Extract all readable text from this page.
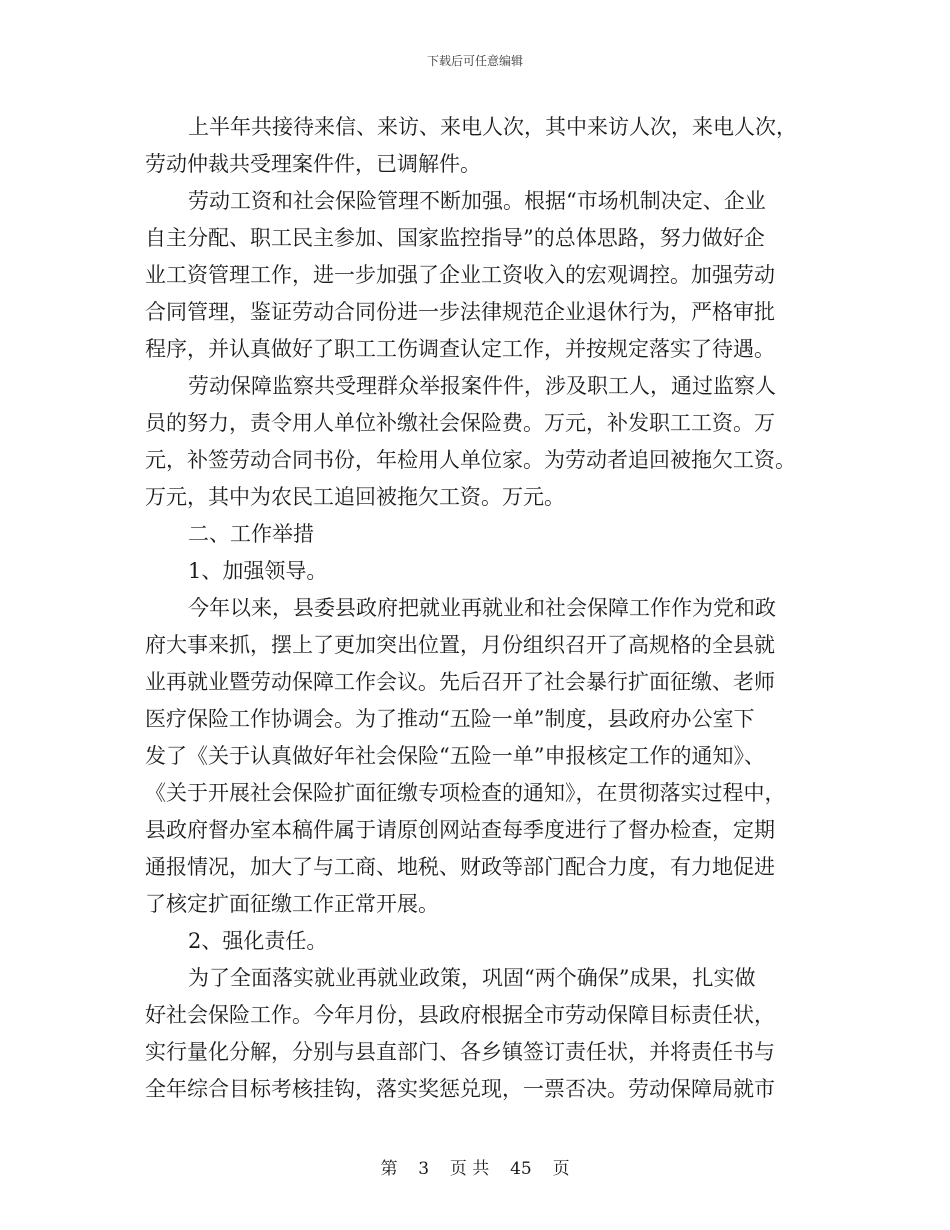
下载后可任意编辑
上半年共接待来信、来访、来电人次，其中来访人次，来电人次，
劳动仲裁共受理案件件，已调解件。
劳动工资和社会保险管理不断加强。根据“市场机制决定、企业
自主分配、职工民主参加、国家监控指导”的总体思路，努力做好企
业工资管理工作，进一步加强了企业工资收入的宏观调控。加强劳动
合同管理，鉴证劳动合同份进一步法律规范企业退休行为，严格审批
程序，并认真做好了职工工伤调查认定工作，并按规定落实了待遇。
劳动保障监察共受理群众举报案件件，涉及职工人，通过监察人
员的努力，责令用人单位补缴社会保险费。万元，补发职工工资。万
元，补签劳动合同书份，年检用人单位家。为劳动者追回被拖欠工资。
万元，其中为农民工追回被拖欠工资。万元。
二、工作举措
1、加强领导。
今年以来，县委县政府把就业再就业和社会保障工作作为党和政
府大事来抓，摆上了更加突出位置，月份组织召开了高规格的全县就
业再就业暨劳动保障工作会议。先后召开了社会暴行扩面征缴、老师
医疗保险工作协调会。为了推动“五险一单”制度，县政府办公室下
发了《关于认真做好年社会保险“五险一单”申报核定工作的通知》、
《关于开展社会保险扩面征缴专项检查的通知》，在贯彻落实过程中，
县政府督办室本稿件属于请原创网站查每季度进行了督办检查，定期
通报情况，加大了与工商、地税、财政等部门配合力度，有力地促进
了核定扩面征缴工作正常开展。
2、强化责任。
为了全面落实就业再就业政策，巩固“两个确保”成果，扎实做
好社会保险工作。今年月份，县政府根据全市劳动保障目标责任状，
实行量化分解，分别与县直部门、各乡镇签订责任状，并将责任书与
全年综合目标考核挂钩，落实奖惩兑现，一票否决。劳动保障局就市
第 3 页 共 45 页
